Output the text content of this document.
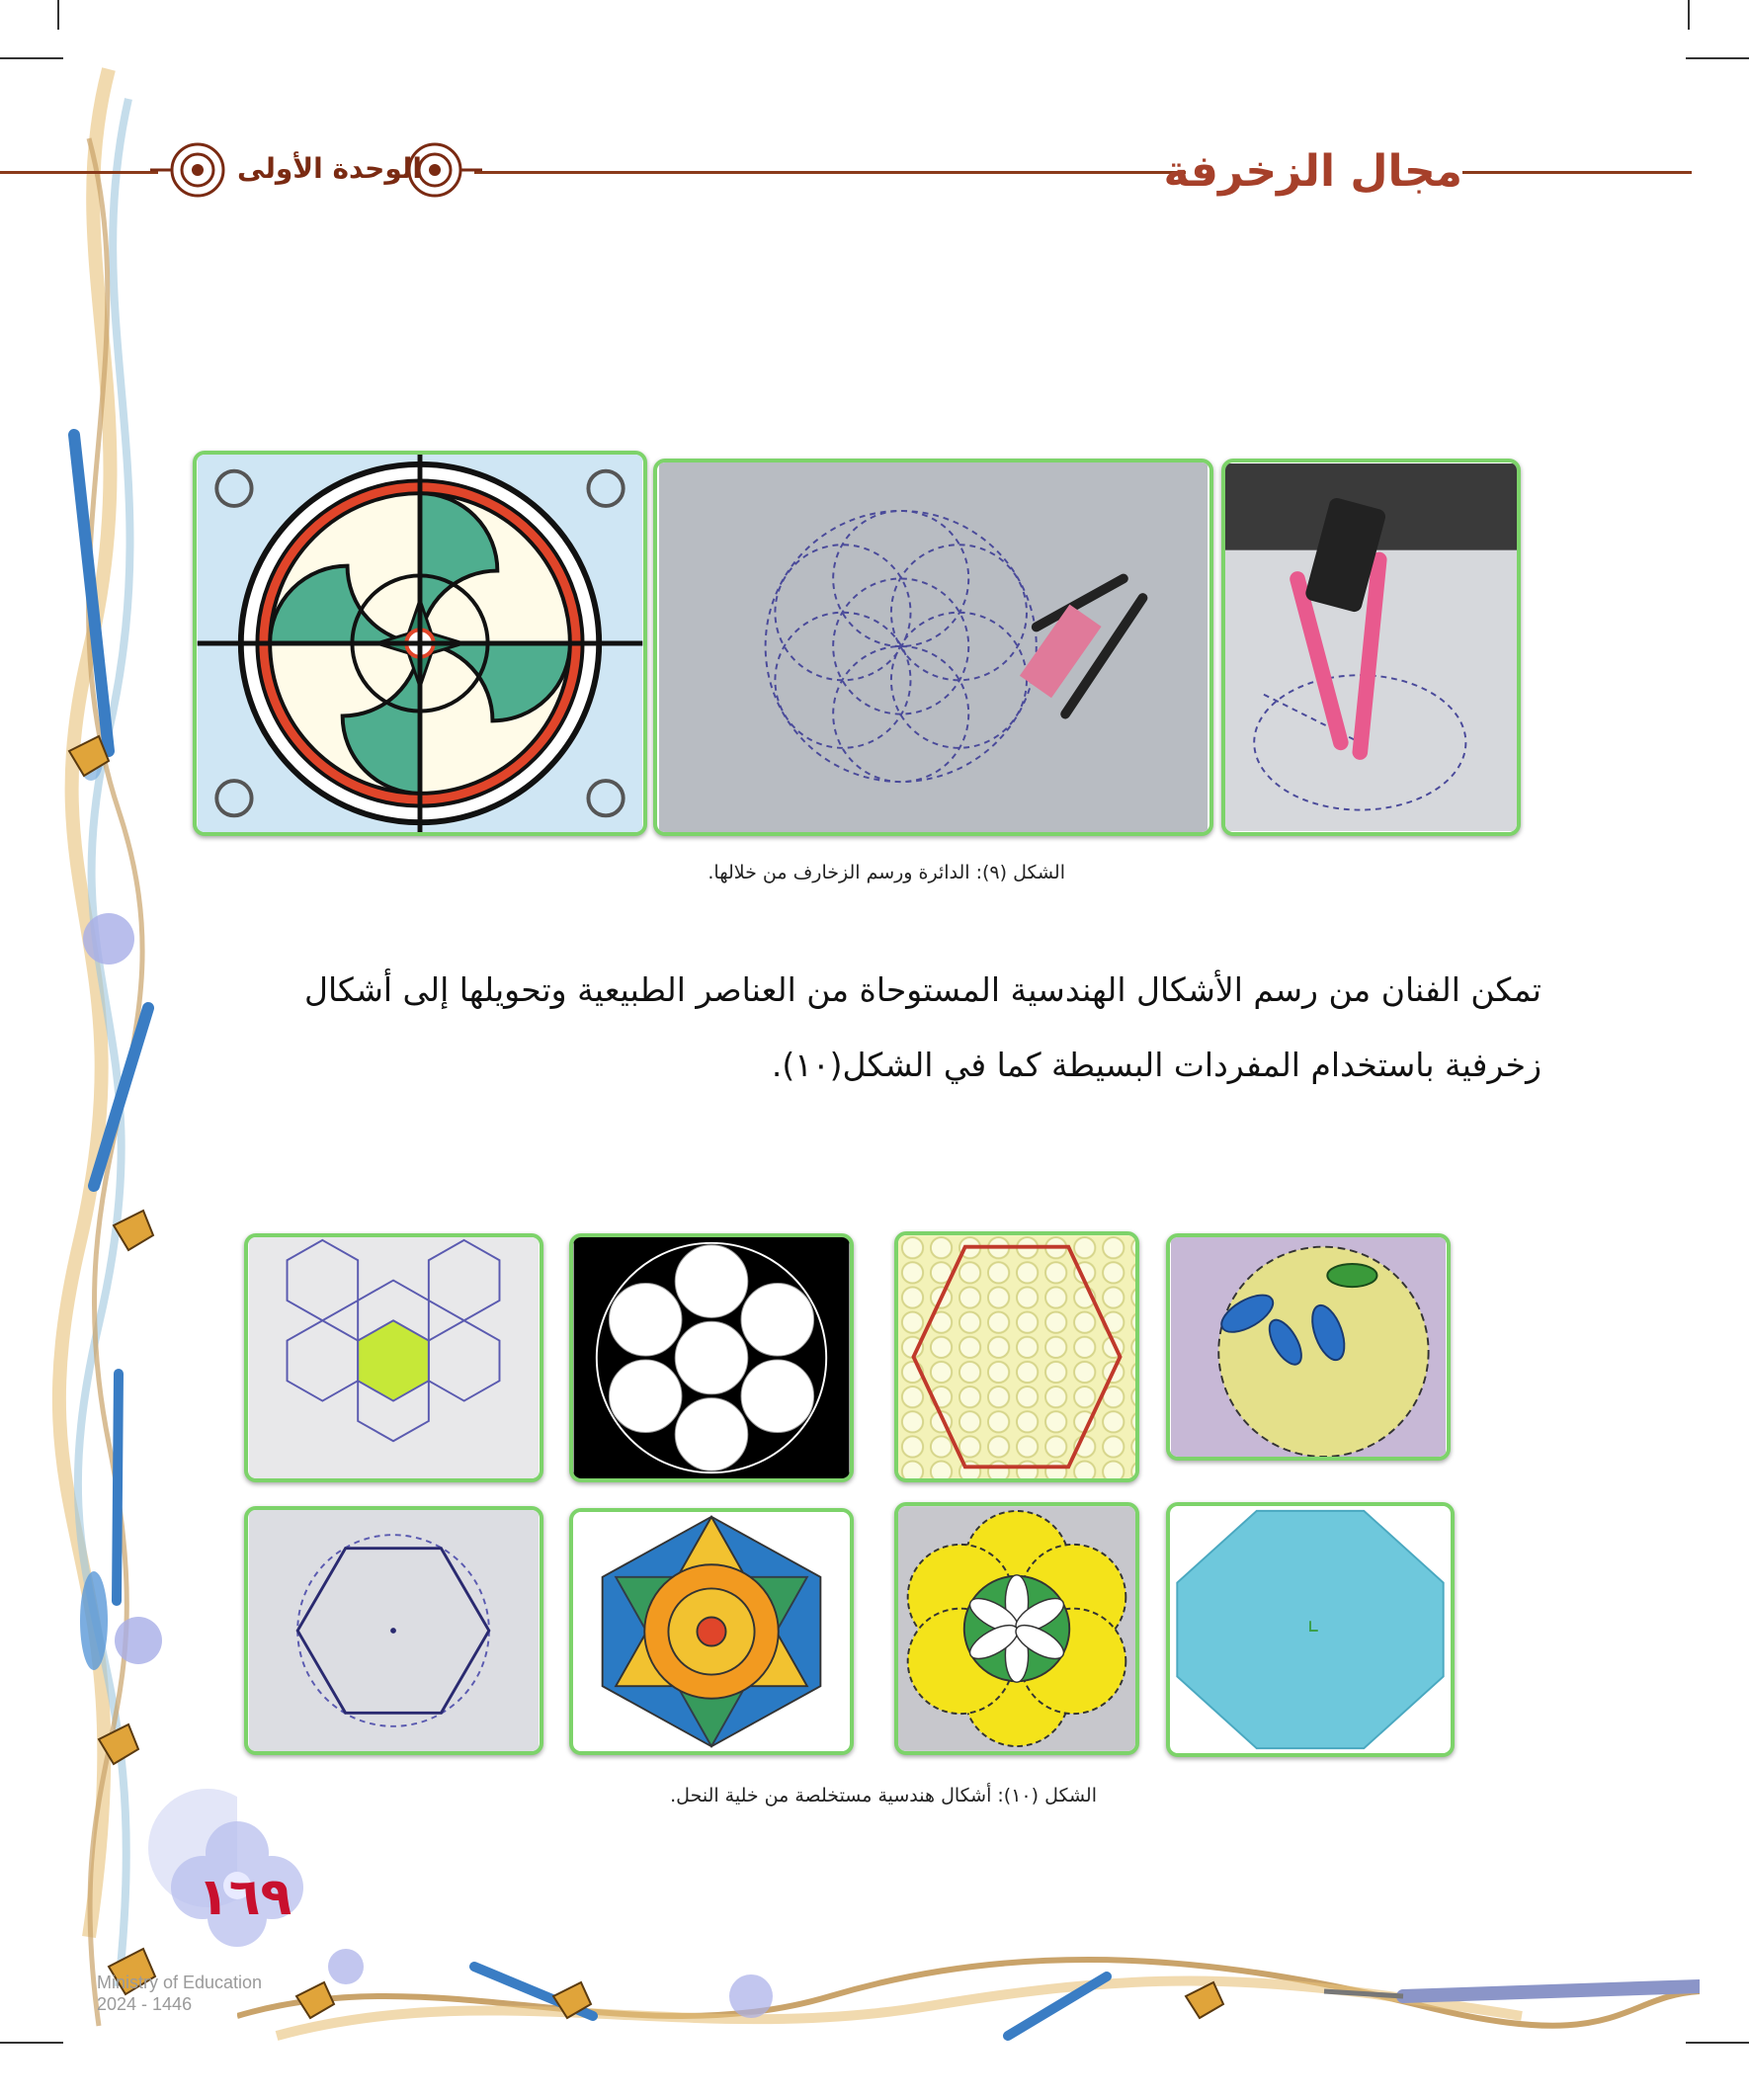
الوحدة الأولى	مجال الزخرفة
الشكل (٩): الدائرة ورسم الزخارف من خلالها.
تمكن الفنان من رسم الأشكال الهندسية المستوحاة من العناصر الطبيعية وتحويلها إلى أشكال
زخرفية باستخدام المفردات البسيطة كما في الشكل(١٠).
الشكل (١٠): أشكال هندسية مستخلصة من خلية النحل.
١٦٩
Ministry of Education
2024 - 1446
